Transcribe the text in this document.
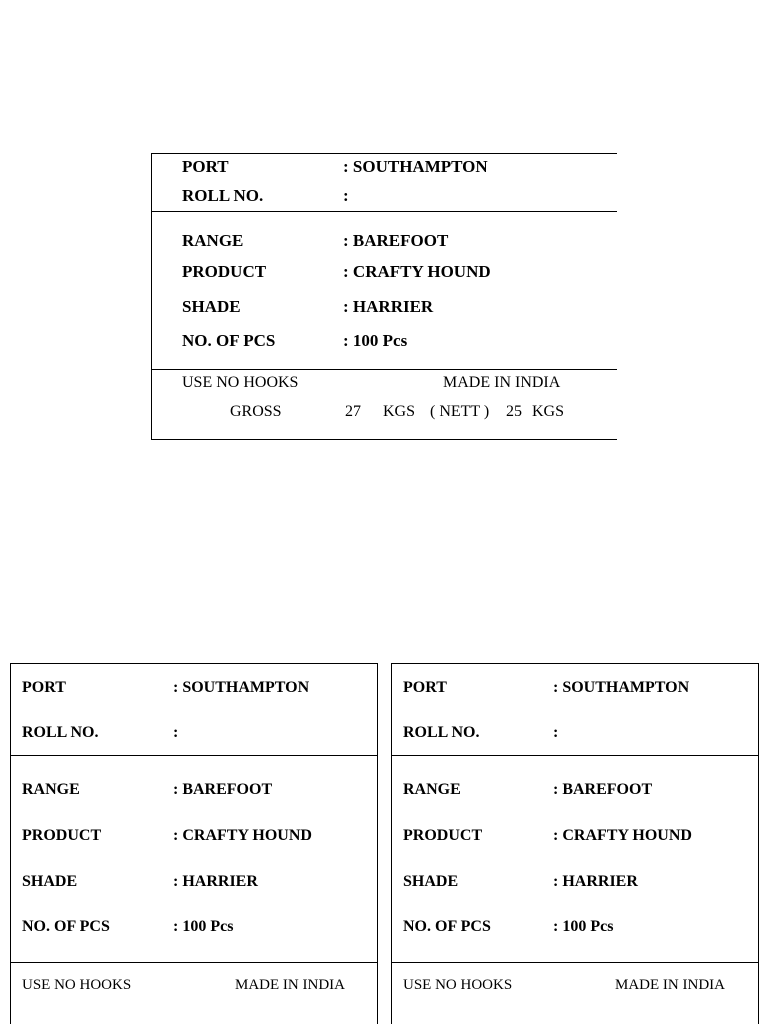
PORT	: SOUTHAMPTON
ROLL NO.	:
RANGE	: BAREFOOT
PRODUCT	: CRAFTY HOUND
SHADE	: HARRIER
NO. OF PCS	: 100 Pcs
USE NO HOOKS	MADE IN INDIA
GROSS	27 KGS ( NETT ) 25 KGS
PORT	: SOUTHAMPTON
ROLL NO.	:
RANGE	: BAREFOOT
PRODUCT	: CRAFTY HOUND
SHADE	: HARRIER
NO. OF PCS	: 100 Pcs
USE NO HOOKS	MADE IN INDIA
PORT	: SOUTHAMPTON
ROLL NO.	:
RANGE	: BAREFOOT
PRODUCT	: CRAFTY HOUND
SHADE	: HARRIER
NO. OF PCS	: 100 Pcs
USE NO HOOKS	MADE IN INDIA
